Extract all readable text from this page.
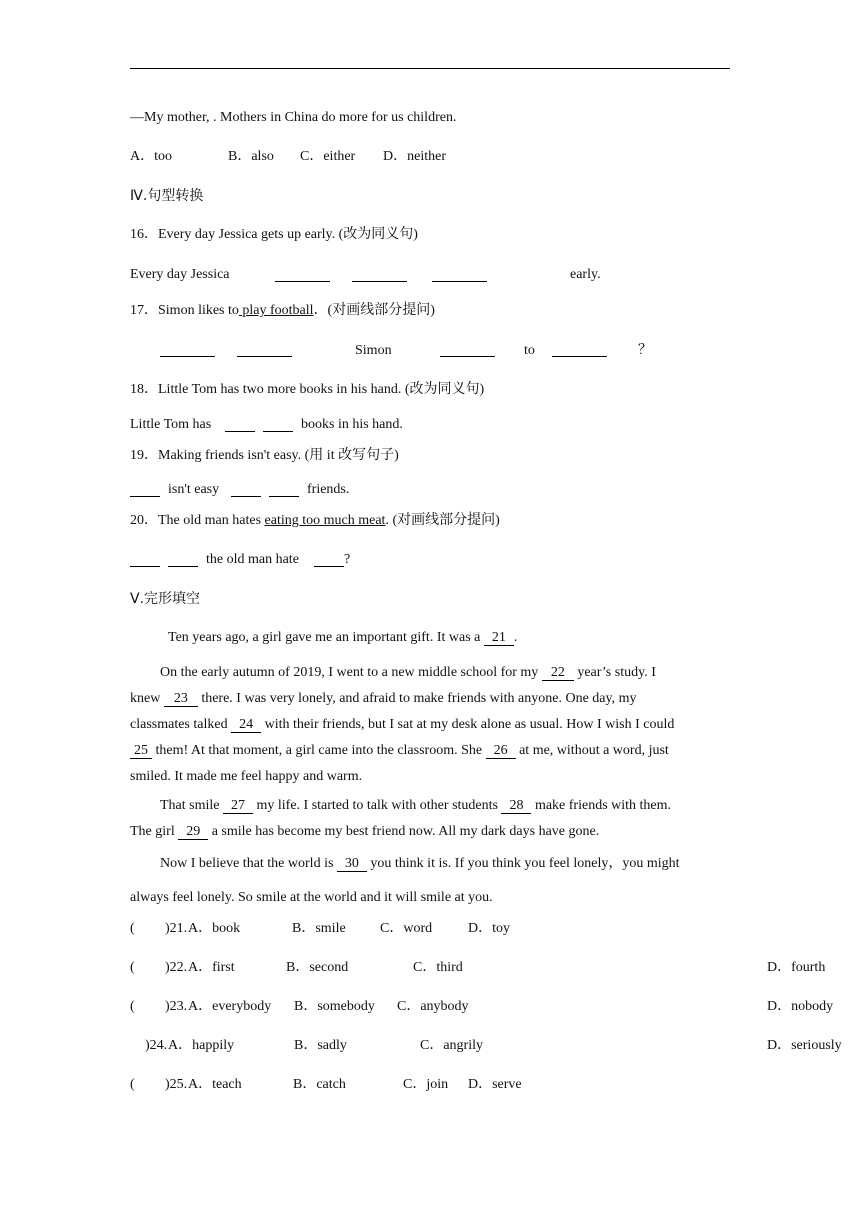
—My mother, . Mothers in China do more for us children.
A．too	B．also C．either D．neither
Ⅳ.句型转换
16．Every day Jessica gets up early. (改为同义句)
Every day Jessica	early.
17．Simon likes to play football．(对画线部分提问)
Simon	to	？
18．Little Tom has two more books in his hand. (改为同义句)
Little Tom has	books in his hand.
19．Making friends isn't easy. (用 it 改写句子)
isn't easy	friends.
20．The old man hates eating too much meat. (对画线部分提问)
the old man hate	?
Ⅴ.完形填空
Ten years ago, a girl gave me an important gift. It was a 21 .
On the early autumn of 2019, I went to a new middle school for my 22 year’s study. I
knew 23 there. I was very lonely, and afraid to make friends with anyone. One day, my
classmates talked 24 with their friends, but I sat at my desk alone as usual. How I wish I could
25 them! At that moment, a girl came into the classroom. She 26 at me, without a word, just
smiled. It made me feel happy and warm.
That smile 27 my life. I started to talk with other students 28 make friends with them.
The girl 29 a smile has become my best friend now. All my dark days have gone.
Now I believe that the world is 30 you think it is. If you think you feel lonely，you might
always feel lonely. So smile at the world and it will smile at you.
( )21. A．book	B．smile C．word	D．toy
( )22. A．first	B．second	C．third	D．fourth
( )23. A．everybody B．somebody C．anybody	D．nobody
)24. A．happily	B．sadly	C．angrily	D．seriously
( )25. A．teach	B．catch	C．join D．serve
